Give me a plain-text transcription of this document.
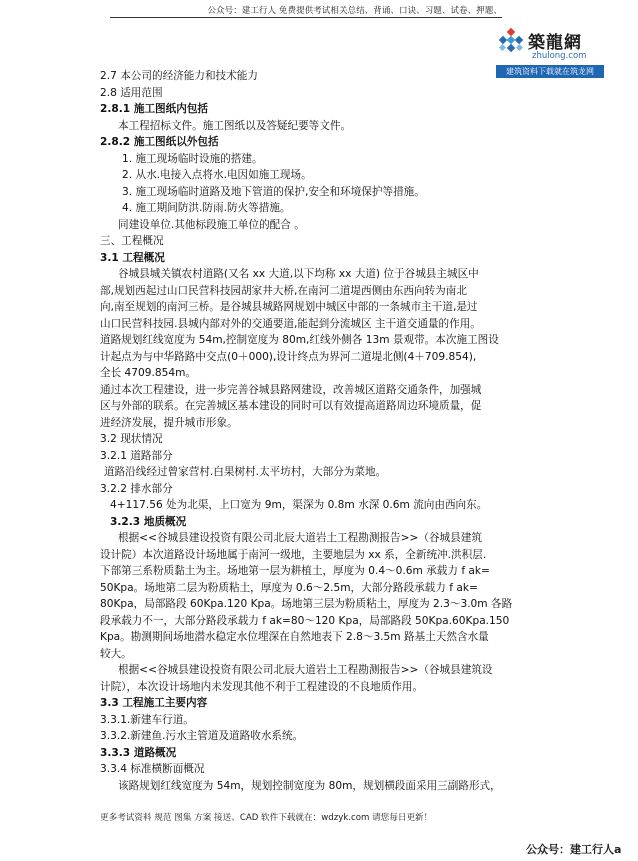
公众号：建工行人 免费提供考试相关总结、背诵、口诀、习题、试卷、押题、
築龍網
zhulong.com
建筑资料下载就在筑龙网
2.7 本公司的经济能力和技术能力
2.8 适用范围
2.8.1 施工图纸内包括
本工程招标文件。施工图纸以及答疑纪要等文件。
2.8.2 施工图纸以外包括
1. 施工现场临时设施的搭建。
2. 从水.电接入点将水.电因如施工现场。
3. 施工现场临时道路及地下管道的保护,安全和环境保护等措施。
4. 施工期间防洪.防雨.防火等措施。
同建设单位.其他标段施工单位的配合 。
三、工程概况
3.1 工程概况
谷城县城关镇农村道路(又名 xx 大道,以下均称 xx 大道) 位于谷城县主城区中
部,规划西起过山口民营科技园胡家井大桥,在南河二道堤西侧由东西向转为南北
向,南至规划的南河三桥。是谷城县城路网规划中城区中部的一条城市主干道,是过
山口民营科技园.县城内部对外的交通要道,能起到分流城区 主干道交通量的作用。
道路规划红线宽度为 54m,控制宽度为 80m,红线外侧各 13m 景观带。本次施工图设
计起点为与中华路路中交点(0＋000),设计终点为界河二道堤北侧(4＋709.854),
全长 4709.854m。
通过本次工程建设，进一步完善谷城县路网建设，改善城区道路交通条件，加强城
区与外部的联系。在完善城区基本建设的同时可以有效提高道路周边环境质量，促
进经济发展，提升城市形象。
3.2 现状情况
3.2.1 道路部分
道路沿线经过曾家营村.白果树村.太平坊村，大部分为菜地。
3.2.2 排水部分
4+117.56 处为北渠，上口宽为 9m，渠深为 0.8m 水深 0.6m 流向由西向东。
3.2.3 地质概况
根据<<谷城县建设投资有限公司北辰大道岩土工程勘测报告>>（谷城县建筑
设计院）本次道路设计场地属于南河一级地，主要地层为 xx 系，全新统冲.洪积层.
下部第三系粉质黏土为主。场地第一层为耕植土，厚度为 0.4～0.6m 承载力 f ak=
50Kpa。场地第二层为粉质粘土，厚度为 0.6～2.5m，大部分路段承载力 f ak=
80Kpa，局部路段 60Kpa.120 Kpa。场地第三层为粉质粘土，厚度为 2.3～3.0m 各路
段承载力不一，大部分路段承载力 f ak=80～120 Kpa，局部路段 50Kpa.60Kpa.150
Kpa。勘测期间场地潜水稳定水位埋深在自然地表下 2.8～3.5m 路基土天然含水量
较大。
根据<<谷城县建设投资有限公司北辰大道岩土工程勘测报告>>（谷城县建筑设
计院），本次设计场地内未发现其他不利于工程建设的不良地质作用。
3.3 工程施工主要内容
3.3.1.新建车行道。
3.3.2.新建鱼.污水主管道及道路收水系统。
3.3.3 道路概况
3.3.4 标准横断面概况
该路规划红线宽度为 54m，规划控制宽度为 80m，规划横段面采用三副路形式，
更多考试资料 规范 图集 方案 接送、CAD 软件下载就在：wdzyk.com 请您每日更新！
公众号：建工行人a
